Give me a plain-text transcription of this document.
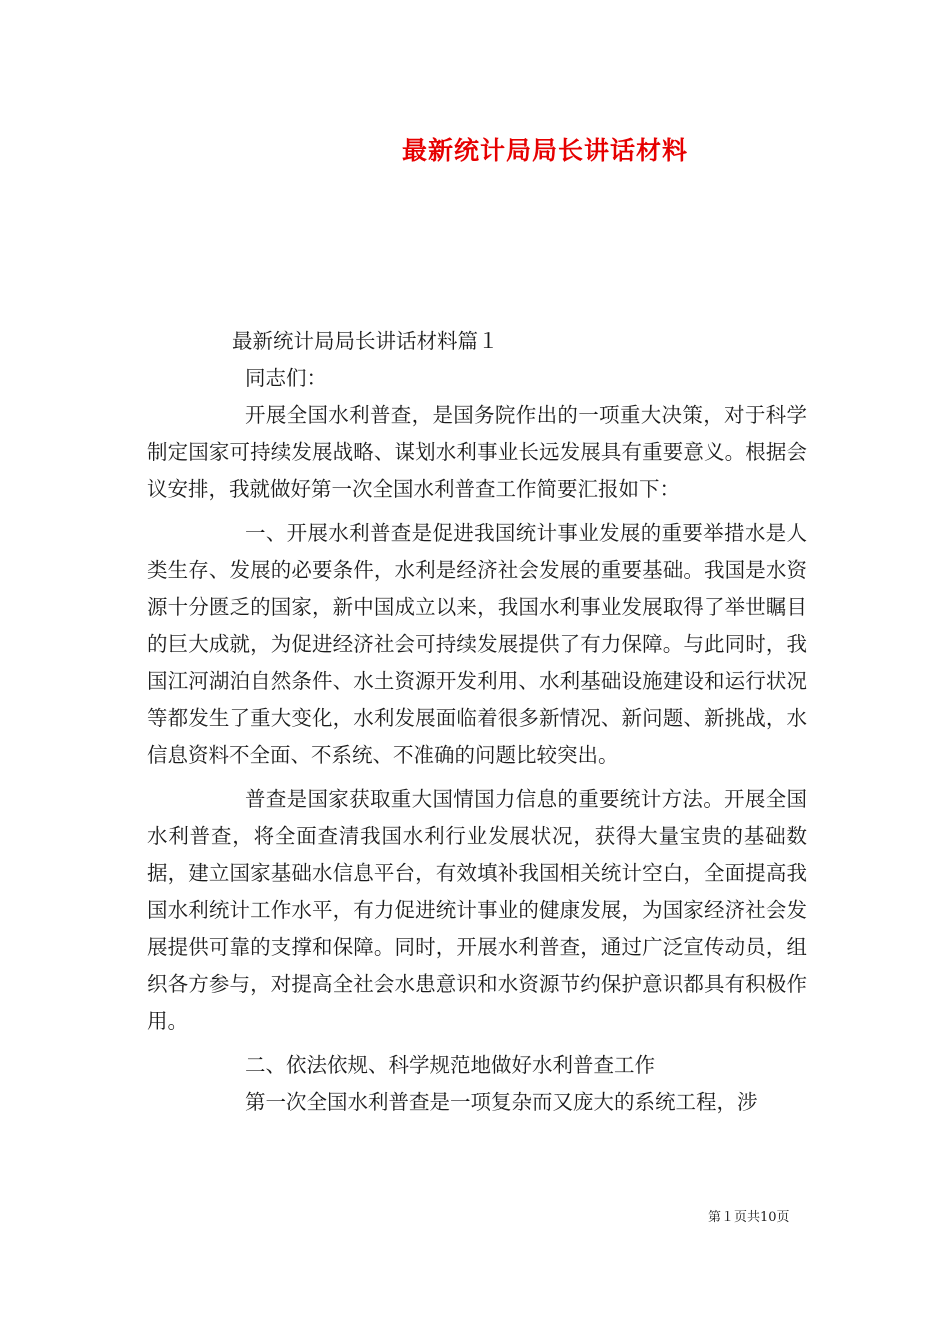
最新统计局局长讲话材料

最新统计局局长讲话材料篇１

同志们：

开展全国水利普查，是国务院作出的一项重大决策，对于科学制定国家可持续发展战略、谋划水利事业长远发展具有重要意义。根据会议安排，我就做好第一次全国水利普查工作简要汇报如下：

一、开展水利普查是促进我国统计事业发展的重要举措水是人类生存、发展的必要条件，水利是经济社会发展的重要基础。我国是水资源十分匮乏的国家，新中国成立以来，我国水利事业发展取得了举世瞩目的巨大成就，为促进经济社会可持续发展提供了有力保障。与此同时，我国江河湖泊自然条件、水土资源开发利用、水利基础设施建设和运行状况等都发生了重大变化，水利发展面临着很多新情况、新问题、新挑战，水信息资料不全面、不系统、不准确的问题比较突出。

普查是国家获取重大国情国力信息的重要统计方法。开展全国水利普查，将全面查清我国水利行业发展状况，获得大量宝贵的基础数据，建立国家基础水信息平台，有效填补我国相关统计空白，全面提高我国水利统计工作水平，有力促进统计事业的健康发展，为国家经济社会发展提供可靠的支撑和保障。同时，开展水利普查，通过广泛宣传动员，组织各方参与，对提高全社会水患意识和水资源节约保护意识都具有积极作用。

二、依法依规、科学规范地做好水利普查工作

第一次全国水利普查是一项复杂而又庞大的系统工程，涉

第１页共10页
